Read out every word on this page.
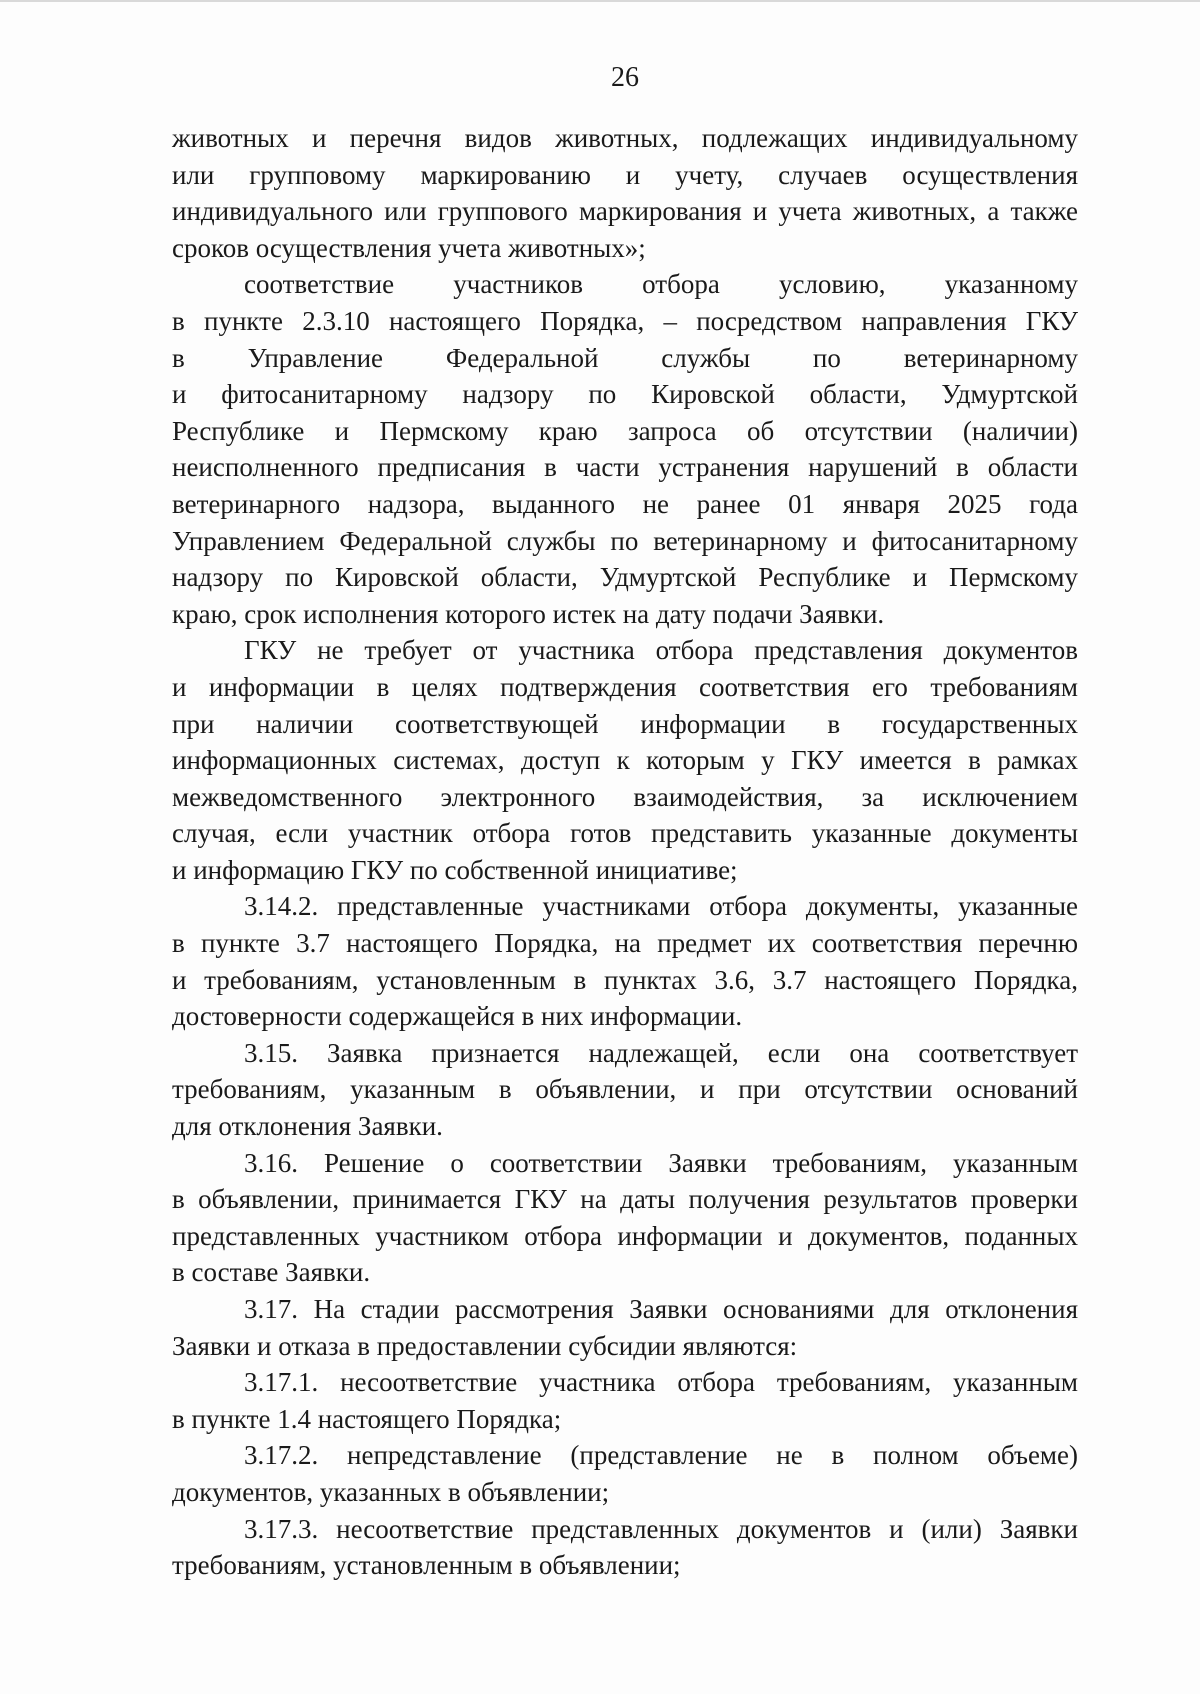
26
животных и перечня видов животных, подлежащих индивидуальному
или групповому маркированию и учету, случаев осуществления
индивидуального или группового маркирования и учета животных, а также
сроков осуществления учета животных»;
соответствие участников отбора условию, указанному
в пункте 2.3.10 настоящего Порядка, – посредством направления ГКУ
в Управление Федеральной службы по ветеринарному
и фитосанитарному надзору по Кировской области, Удмуртской
Республике и Пермскому краю запроса об отсутствии (наличии)
неисполненного предписания в части устранения нарушений в области
ветеринарного надзора, выданного не ранее 01 января 2025 года
Управлением Федеральной службы по ветеринарному и фитосанитарному
надзору по Кировской области, Удмуртской Республике и Пермскому
краю, срок исполнения которого истек на дату подачи Заявки.
ГКУ не требует от участника отбора представления документов
и информации в целях подтверждения соответствия его требованиям
при наличии соответствующей информации в государственных
информационных системах, доступ к которым у ГКУ имеется в рамках
межведомственного электронного взаимодействия, за исключением
случая, если участник отбора готов представить указанные документы
и информацию ГКУ по собственной инициативе;
3.14.2. представленные участниками отбора документы, указанные
в пункте 3.7 настоящего Порядка, на предмет их соответствия перечню
и требованиям, установленным в пунктах 3.6, 3.7 настоящего Порядка,
достоверности содержащейся в них информации.
3.15. Заявка признается надлежащей, если она соответствует
требованиям, указанным в объявлении, и при отсутствии оснований
для отклонения Заявки.
3.16. Решение о соответствии Заявки требованиям, указанным
в объявлении, принимается ГКУ на даты получения результатов проверки
представленных участником отбора информации и документов, поданных
в составе Заявки.
3.17. На стадии рассмотрения Заявки основаниями для отклонения
Заявки и отказа в предоставлении субсидии являются:
3.17.1. несоответствие участника отбора требованиям, указанным
в пункте 1.4 настоящего Порядка;
3.17.2. непредставление (представление не в полном объеме)
документов, указанных в объявлении;
3.17.3. несоответствие представленных документов и (или) Заявки
требованиям, установленным в объявлении;
